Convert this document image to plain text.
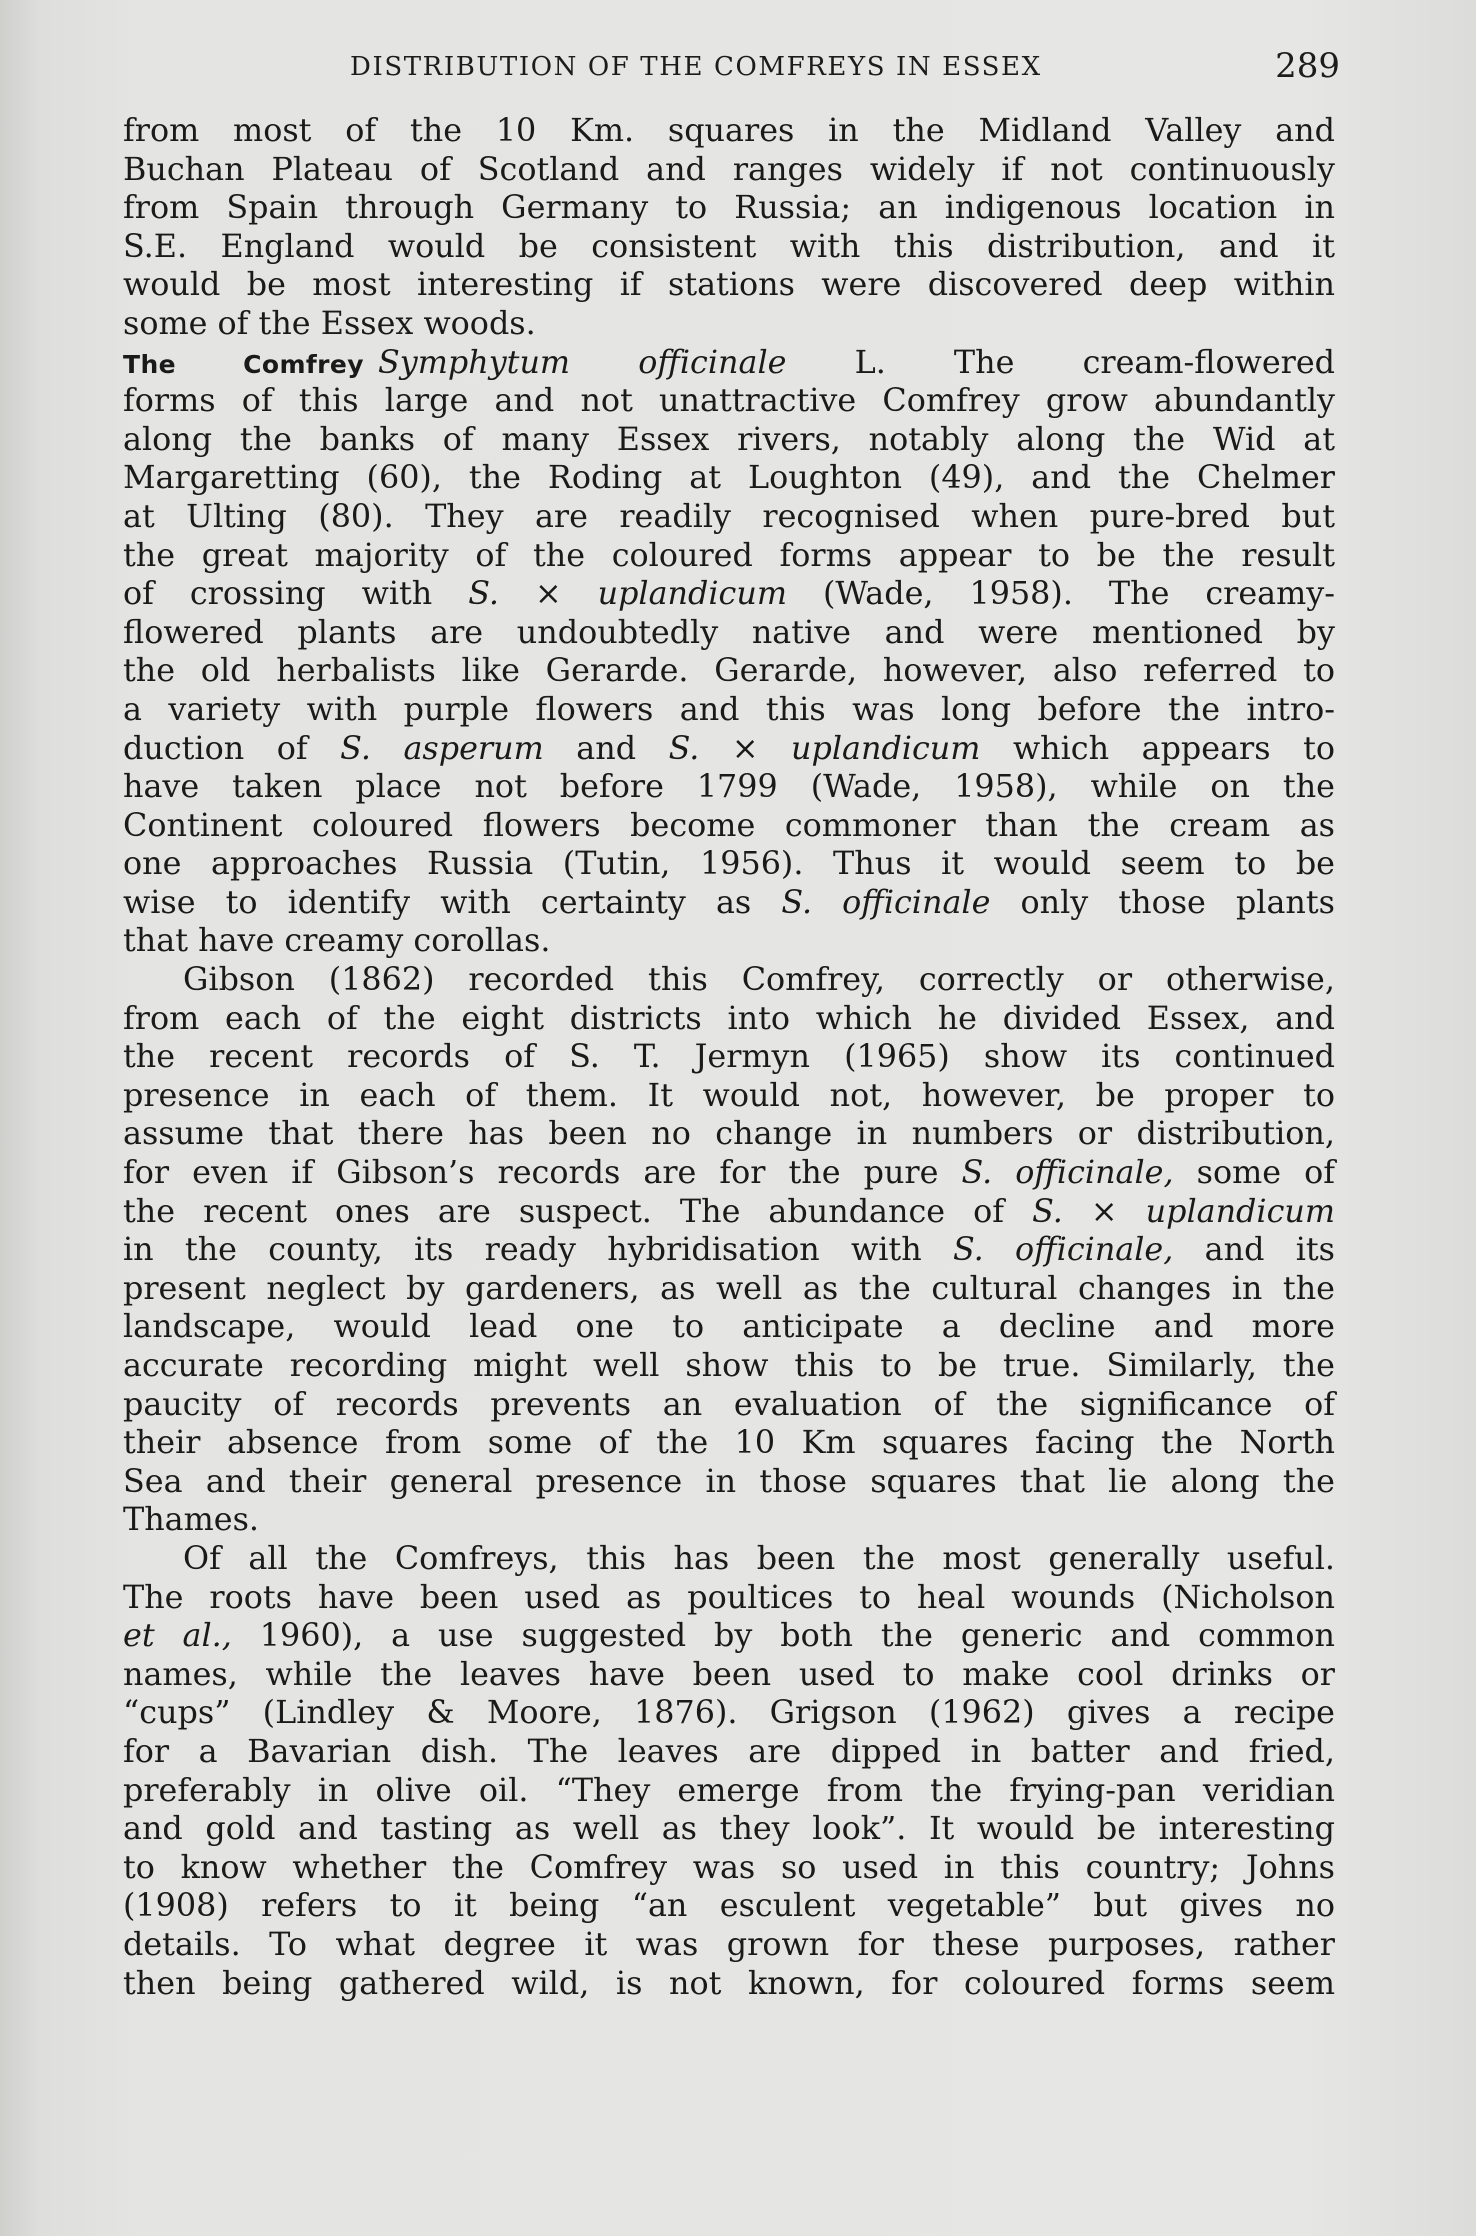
DISTRIBUTION OF THE COMFREYS IN ESSEX	289
from most of the 10 Km. squares in the Midland Valley and
Buchan Plateau of Scotland and ranges widely if not continuously
from Spain through Germany to Russia; an indigenous location in
S.E. England would be consistent with this distribution, and it
would be most interesting if stations were discovered deep within
some of the Essex woods.
The Comfrey Symphytum officinale L. The cream-flowered
forms of this large and not unattractive Comfrey grow abundantly
along the banks of many Essex rivers, notably along the Wid at
Margaretting (60), the Roding at Loughton (49), and the Chelmer
at Ulting (80). They are readily recognised when pure-bred but
the great majority of the coloured forms appear to be the result
of crossing with S. × uplandicum (Wade, 1958). The creamy-
flowered plants are undoubtedly native and were mentioned by
the old herbalists like Gerarde. Gerarde, however, also referred to
a variety with purple flowers and this was long before the intro-
duction of S. asperum and S. × uplandicum which appears to
have taken place not before 1799 (Wade, 1958), while on the
Continent coloured flowers become commoner than the cream as
one approaches Russia (Tutin, 1956). Thus it would seem to be
wise to identify with certainty as S. officinale only those plants
that have creamy corollas.
Gibson (1862) recorded this Comfrey, correctly or otherwise,
from each of the eight districts into which he divided Essex, and
the recent records of S. T. Jermyn (1965) show its continued
presence in each of them. It would not, however, be proper to
assume that there has been no change in numbers or distribution,
for even if Gibson’s records are for the pure S. officinale, some of
the recent ones are suspect. The abundance of S. × uplandicum
in the county, its ready hybridisation with S. officinale, and its
present neglect by gardeners, as well as the cultural changes in the
landscape, would lead one to anticipate a decline and more
accurate recording might well show this to be true. Similarly, the
paucity of records prevents an evaluation of the significance of
their absence from some of the 10 Km squares facing the North
Sea and their general presence in those squares that lie along the
Thames.
Of all the Comfreys, this has been the most generally useful.
The roots have been used as poultices to heal wounds (Nicholson
et al., 1960), a use suggested by both the generic and common
names, while the leaves have been used to make cool drinks or
“cups” (Lindley & Moore, 1876). Grigson (1962) gives a recipe
for a Bavarian dish. The leaves are dipped in batter and fried,
preferably in olive oil. “They emerge from the frying-pan veridian
and gold and tasting as well as they look”. It would be interesting
to know whether the Comfrey was so used in this country; Johns
(1908) refers to it being “an esculent vegetable” but gives no
details. To what degree it was grown for these purposes, rather
then being gathered wild, is not known, for coloured forms seem
